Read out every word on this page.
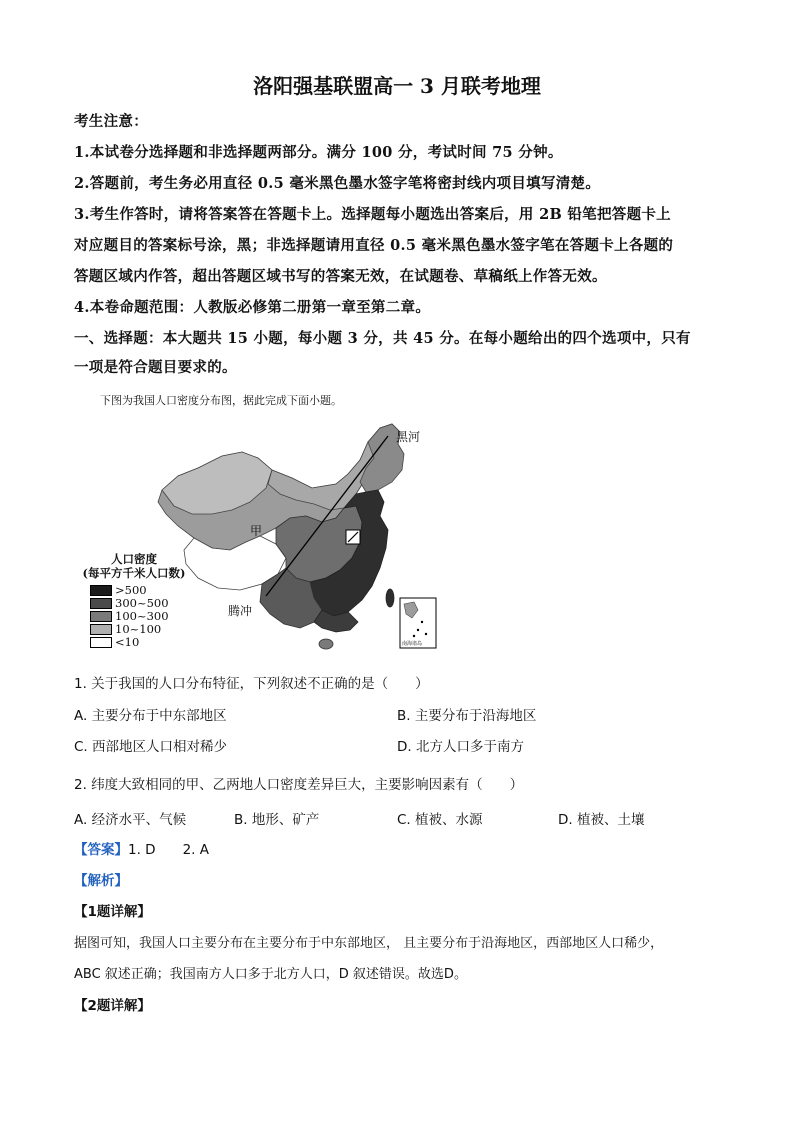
洛阳强基联盟高一 3 月联考地理
考生注意：
1.本试卷分选择题和非选择题两部分。满分 100 分，考试时间 75 分钟。
2.答题前，考生务必用直径 0.5 毫米黑色墨水签字笔将密封线内项目填写清楚。
3.考生作答时，请将答案答在答题卡上。选择题每小题选出答案后，用 2B 铅笔把答题卡上
对应题目的答案标号涂，黑；非选择题请用直径 0.5 毫米黑色墨水签字笔在答题卡上各题的
答题区域内作答，超出答题区域书写的答案无效，在试题卷、草稿纸上作答无效。
4.本卷命题范围：人教版必修第二册第一章至第二章。
一、选择题：本大题共 15 小题，每小题 3 分，共 45 分。在每小题给出的四个选项中，只有
一项是符合题目要求的。
下图为我国人口密度分布图，据此完成下面小题。
黑河
甲
腾冲
南海诸岛
人口密度
(每平方千米人口数)
>500
300~500
100~300
10~100
<10
1. 关于我国的人口分布特征，下列叙述不正确的是（　　）
A. 主要分布于中东部地区	B. 主要分布于沿海地区
C. 西部地区人口相对稀少	D. 北方人口多于南方
2. 纬度大致相同的甲、乙两地人口密度差异巨大，主要影响因素有（　　）
A. 经济水平、气候	B. 地形、矿产	C. 植被、水源	D. 植被、土壤
【答案】1. D　　2. A
【解析】
【1题详解】
据图可知，我国人口主要分布在主要分布于中东部地区， 且主要分布于沿海地区，西部地区人口稀少，
ABC 叙述正确；我国南方人口多于北方人口，D 叙述错误。故选D。
【2题详解】
